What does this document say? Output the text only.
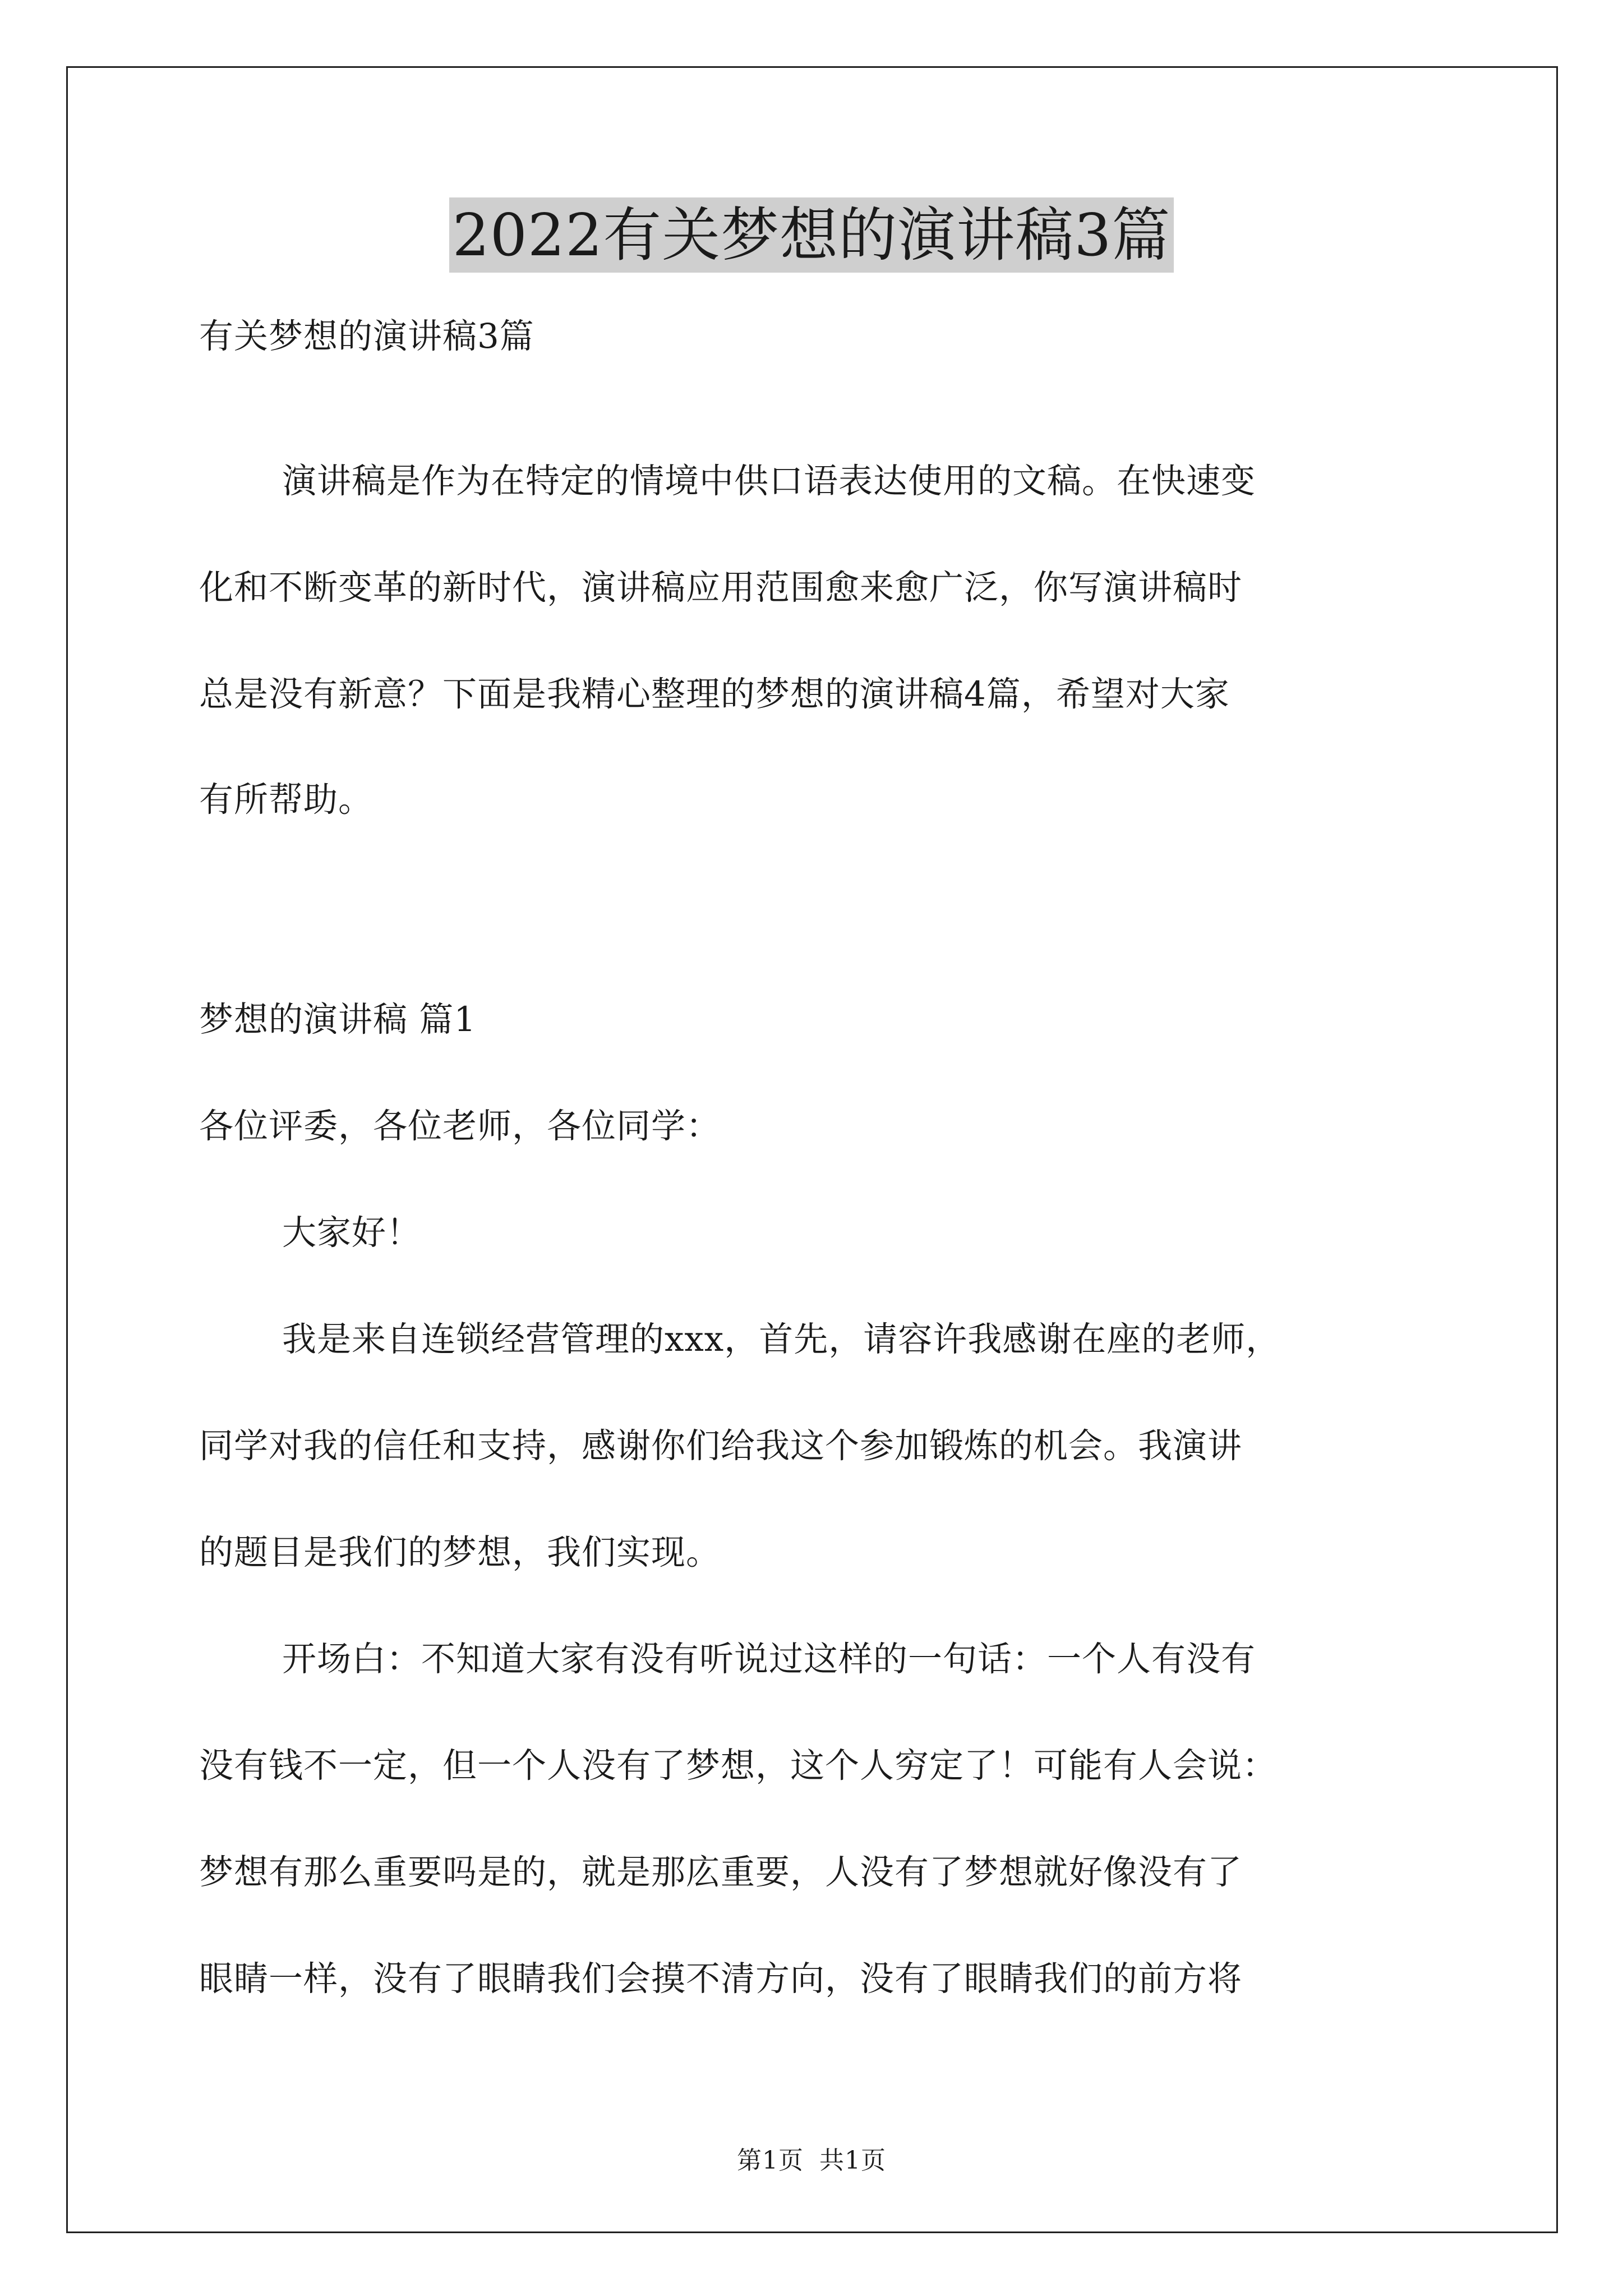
2022有关梦想的演讲稿3篇
有关梦想的演讲稿3篇
演讲稿是作为在特定的情境中供口语表达使用的文稿。在快速变
化和不断变革的新时代，演讲稿应用范围愈来愈广泛，你写演讲稿时
总是没有新意？下面是我精心整理的梦想的演讲稿4篇，希望对大家
有所帮助。
梦想的演讲稿 篇1
各位评委，各位老师，各位同学：
大家好！
我是来自连锁经营管理的xxx，首先，请容许我感谢在座的老师，
同学对我的信任和支持，感谢你们给我这个参加锻炼的机会。我演讲
的题目是我们的梦想，我们实现。
开场白：不知道大家有没有听说过这样的一句话：一个人有没有
没有钱不一定，但一个人没有了梦想，这个人穷定了！可能有人会说：
梦想有那么重要吗是的，就是那庅重要，人没有了梦想就好像没有了
眼睛一样，没有了眼睛我们会摸不清方向，没有了眼睛我们的前方将
第1页 共1页
